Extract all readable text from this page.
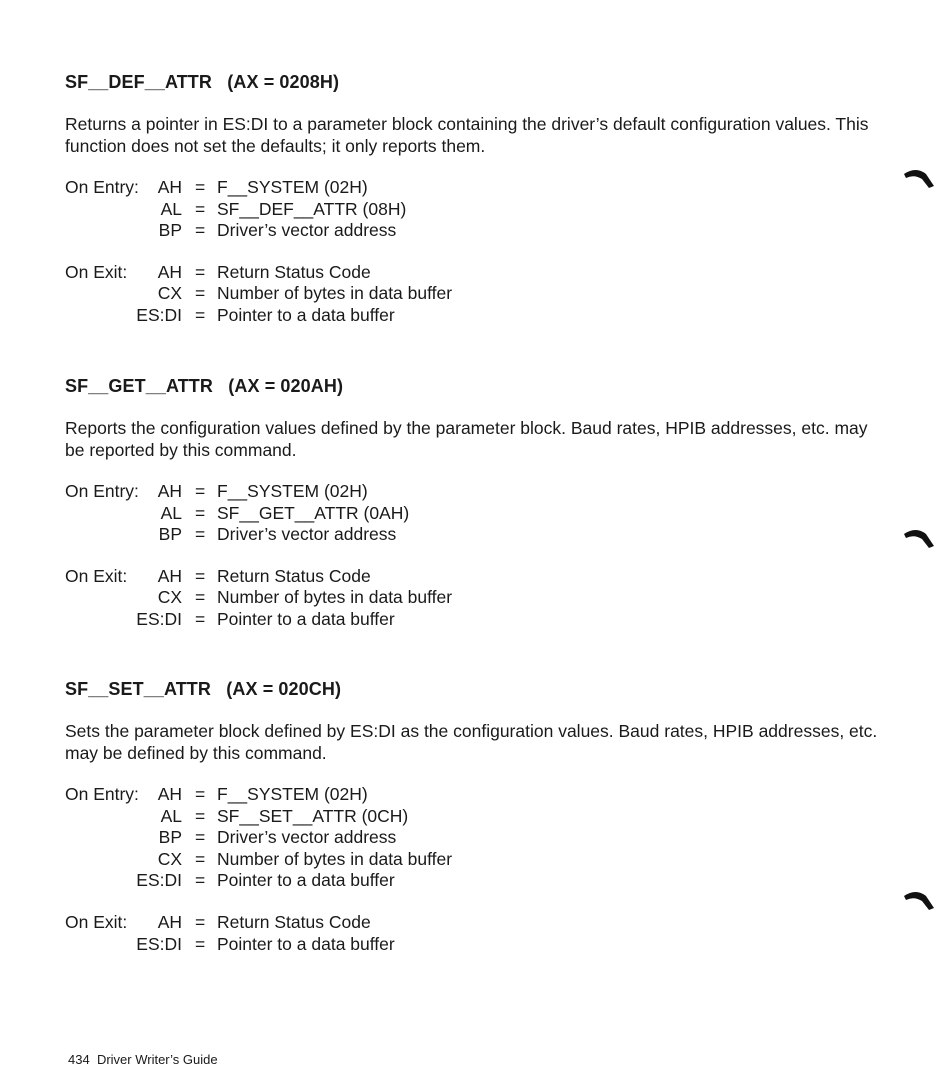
SF__DEF__ATTR   (AX = 0208H)
Returns a pointer in ES:DI to a parameter block containing the driver’s default configuration values. This function does not set the defaults; it only reports them.
On Entry:	AH = F__SYSTEM (02H)
AL = SF__DEF__ATTR (08H)
BP = Driver’s vector address
On Exit:	AH = Return Status Code
CX = Number of bytes in data buffer
ES:DI = Pointer to a data buffer
SF__GET__ATTR   (AX = 020AH)
Reports the configuration values defined by the parameter block. Baud rates, HPIB addresses, etc. may be reported by this command.
On Entry:	AH = F__SYSTEM (02H)
AL = SF__GET__ATTR (0AH)
BP = Driver’s vector address
On Exit:	AH = Return Status Code
CX = Number of bytes in data buffer
ES:DI = Pointer to a data buffer
SF__SET__ATTR   (AX = 020CH)
Sets the parameter block defined by ES:DI as the configuration values. Baud rates, HPIB addresses, etc. may be defined by this command.
On Entry:	AH = F__SYSTEM (02H)
AL = SF__SET__ATTR (0CH)
BP = Driver’s vector address
CX = Number of bytes in data buffer
ES:DI = Pointer to a data buffer
On Exit:	AH = Return Status Code
ES:DI = Pointer to a data buffer
434 Driver Writer’s Guide
